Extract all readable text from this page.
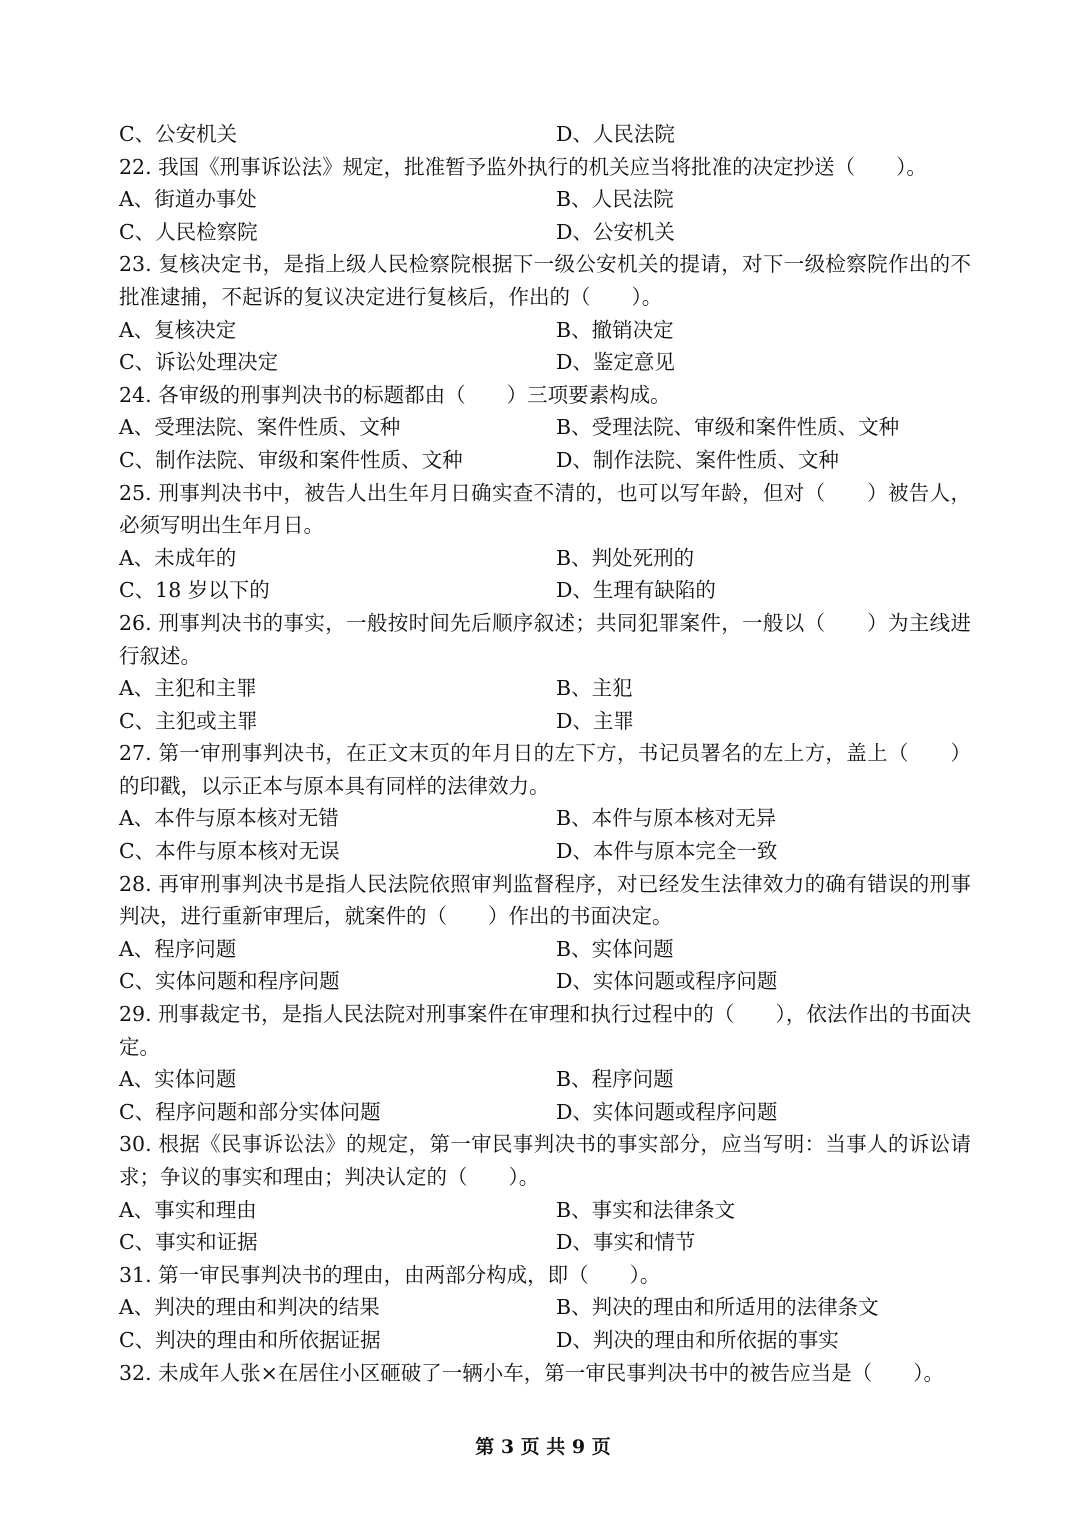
C、公安机关	D、人民法院
22. 我国《刑事诉讼法》规定，批准暂予监外执行的机关应当将批准的决定抄送（　　）。
A、街道办事处	B、人民法院
C、人民检察院	D、公安机关
23. 复核决定书，是指上级人民检察院根据下一级公安机关的提请，对下一级检察院作出的不批准逮捕，不起诉的复议决定进行复核后，作出的（　　）。
A、复核决定	B、撤销决定
C、诉讼处理决定	D、鉴定意见
24. 各审级的刑事判决书的标题都由（　　）三项要素构成。
A、受理法院、案件性质、文种	B、受理法院、审级和案件性质、文种
C、制作法院、审级和案件性质、文种	D、制作法院、案件性质、文种
25. 刑事判决书中，被告人出生年月日确实查不清的，也可以写年龄，但对（　　）被告人，必须写明出生年月日。
A、未成年的	B、判处死刑的
C、18 岁以下的	D、生理有缺陷的
26. 刑事判决书的事实，一般按时间先后顺序叙述；共同犯罪案件，一般以（　　）为主线进行叙述。
A、主犯和主罪	B、主犯
C、主犯或主罪	D、主罪
27. 第一审刑事判决书，在正文末页的年月日的左下方，书记员署名的左上方，盖上（　　）的印戳，以示正本与原本具有同样的法律效力。
A、本件与原本核对无错	B、本件与原本核对无异
C、本件与原本核对无误	D、本件与原本完全一致
28. 再审刑事判决书是指人民法院依照审判监督程序，对已经发生法律效力的确有错误的刑事判决，进行重新审理后，就案件的（　　）作出的书面决定。
A、程序问题	B、实体问题
C、实体问题和程序问题	D、实体问题或程序问题
29. 刑事裁定书，是指人民法院对刑事案件在审理和执行过程中的（　　），依法作出的书面决定。
A、实体问题	B、程序问题
C、程序问题和部分实体问题	D、实体问题或程序问题
30. 根据《民事诉讼法》的规定，第一审民事判决书的事实部分，应当写明：当事人的诉讼请求；争议的事实和理由；判决认定的（　　）。
A、事实和理由	B、事实和法律条文
C、事实和证据	D、事实和情节
31. 第一审民事判决书的理由，由两部分构成，即（　　）。
A、判决的理由和判决的结果	B、判决的理由和所适用的法律条文
C、判决的理由和所依据证据	D、判决的理由和所依据的事实
32. 未成年人张×在居住小区砸破了一辆小车，第一审民事判决书中的被告应当是（　　）。
第 3 页 共 9 页
